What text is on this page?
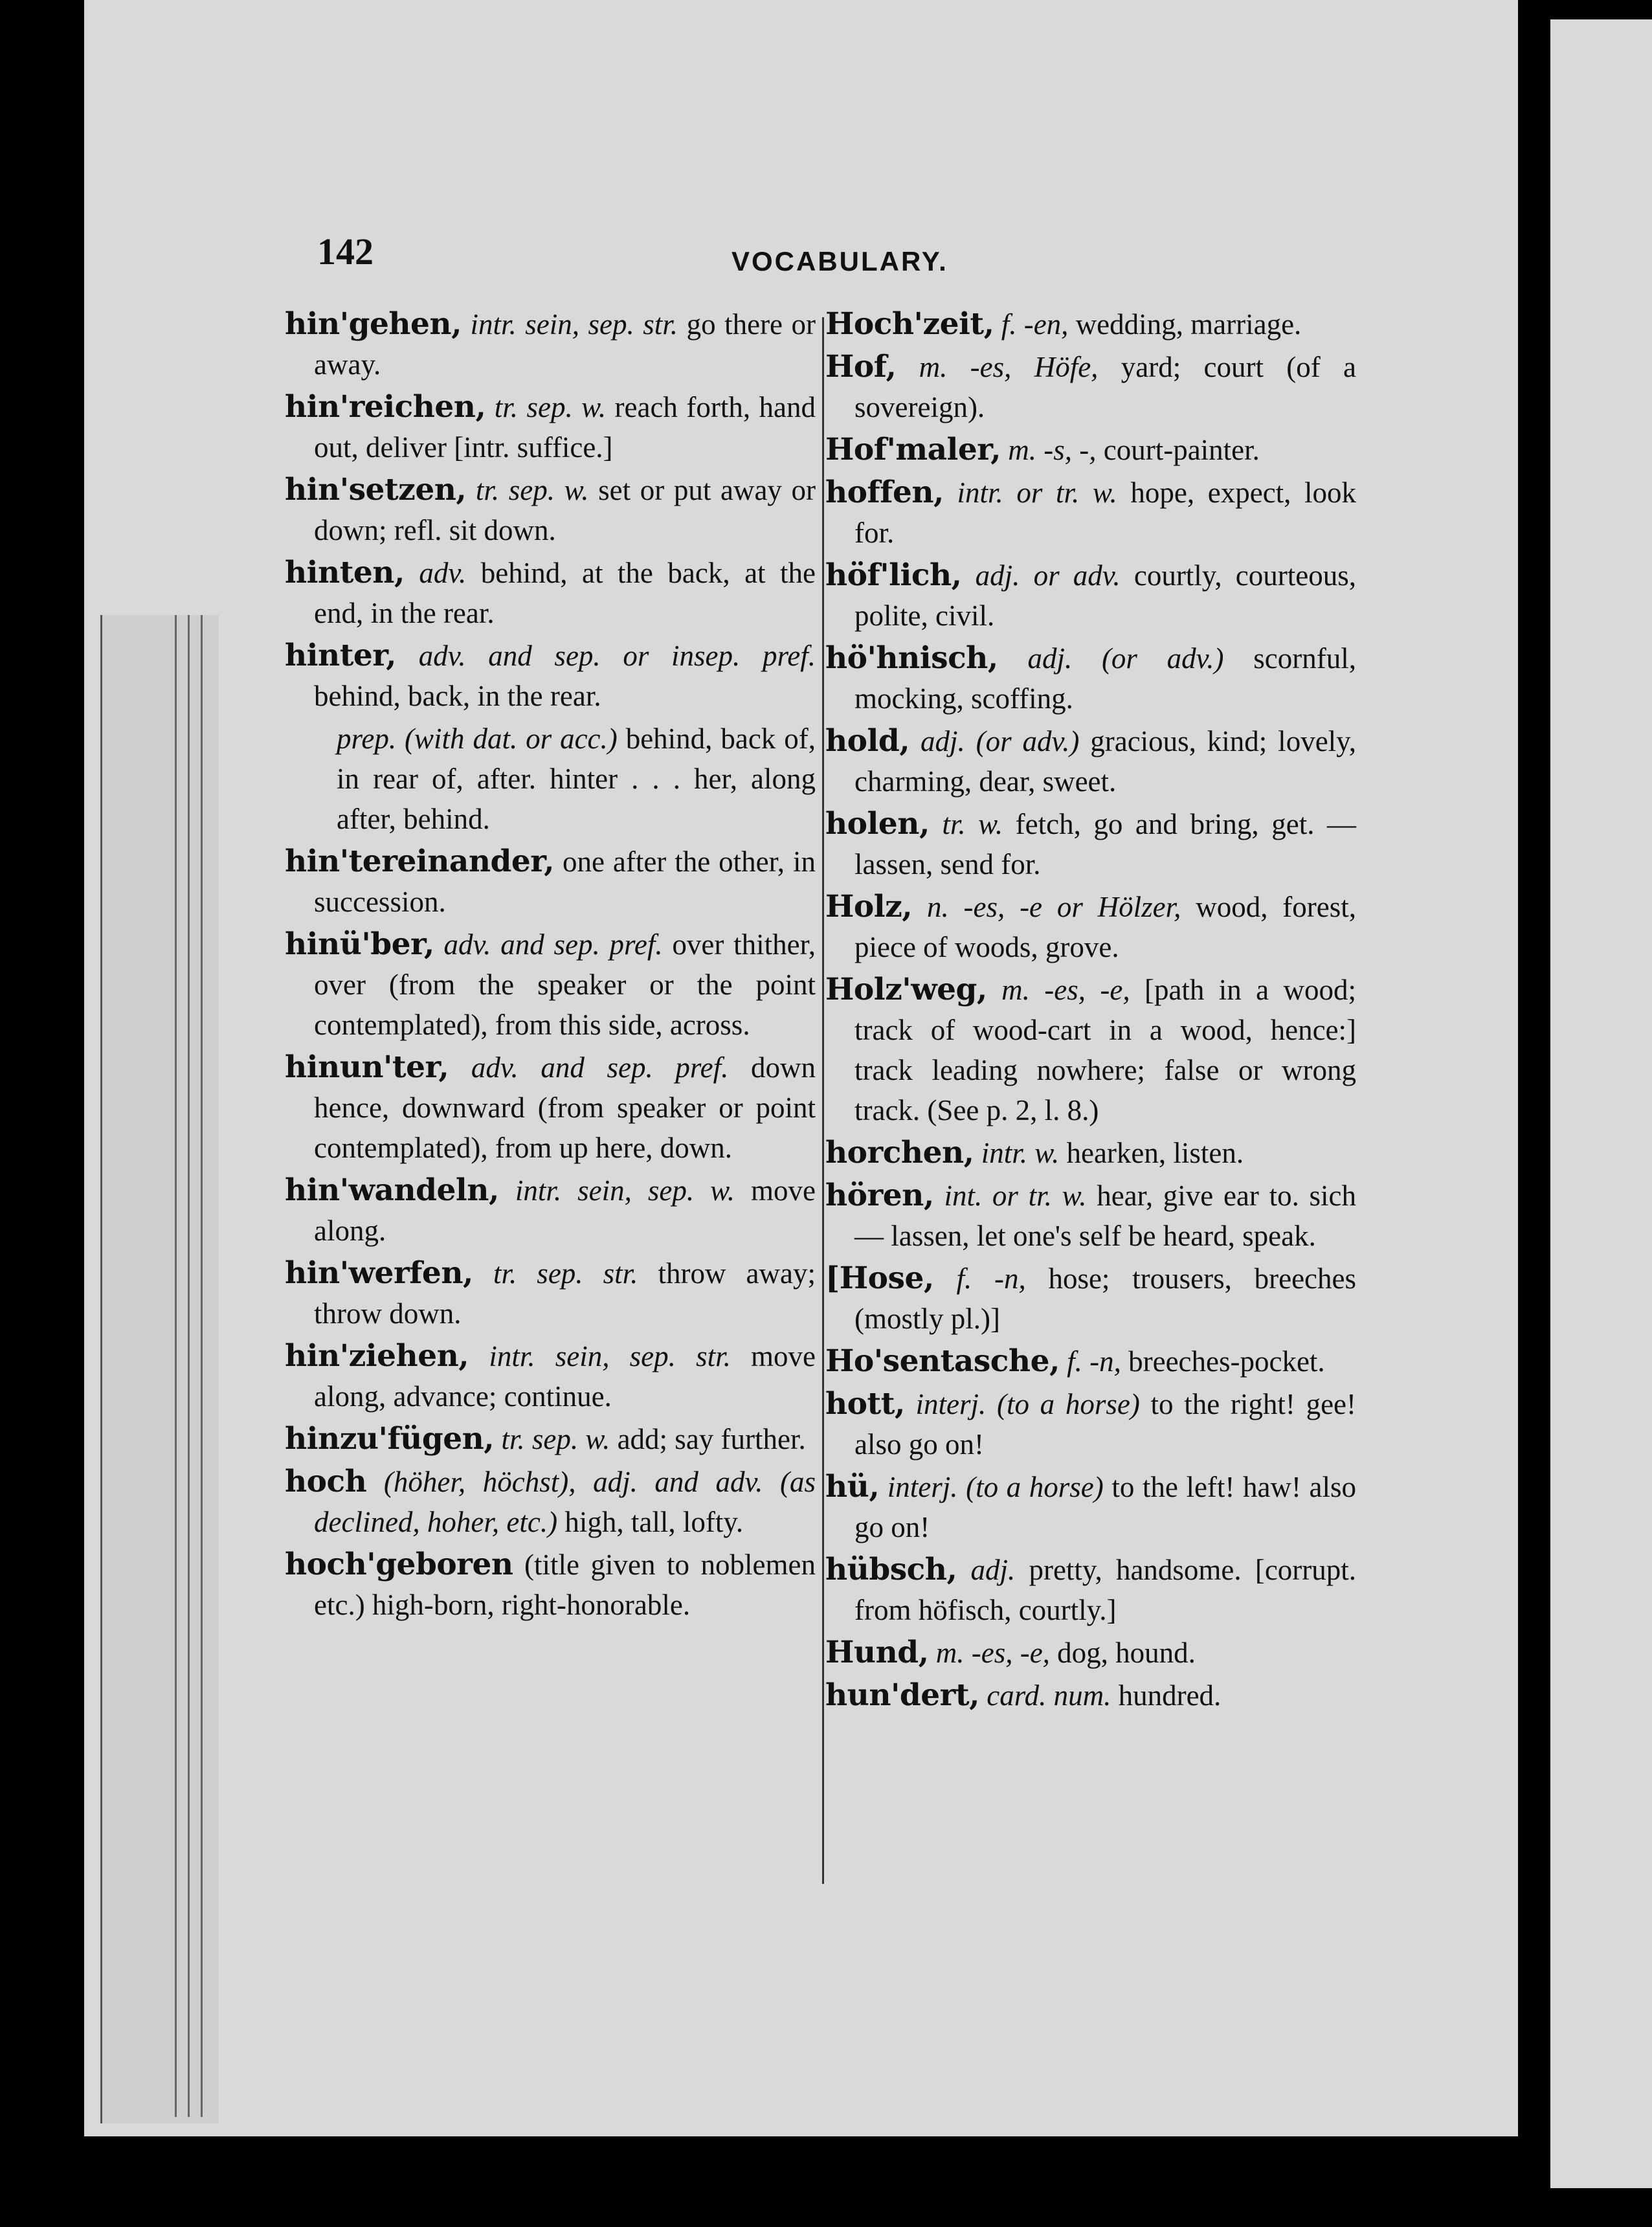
142	VOCABULARY.

hin'gehen, intr. sein, sep. str. go there or away.

hin'reichen, tr. sep. w. reach forth, hand out, deliver [intr. suffice.]

hin'setzen, tr. sep. w. set or put away or down; refl. sit down.

hinten, adv. behind, at the back, at the end, in the rear.

hinter, adv. and sep. or insep. pref. behind, back, in the rear.

prep. (with dat. or acc.) behind, back of, in rear of, after. hinter . . . her, along after, behind.

hin'tereinander, one after the other, in succession.

hinü'ber, adv. and sep. pref. over thither, over (from the speaker or the point contemplated), from this side, across.

hinun'ter, adv. and sep. pref. down hence, downward (from speaker or point contemplated), from up here, down.

hin'wandeln, intr. sein, sep. w. move along.

hin'werfen, tr. sep. str. throw away; throw down.

hin'ziehen, intr. sein, sep. str. move along, advance; continue.

hinzu'fügen, tr. sep. w. add; say further.

hoch (höher, höchst), adj. and adv. (as declined, hoher, etc.) high, tall, lofty.

hoch'geboren (title given to noblemen etc.) high-born, right-honorable.

Hoch'zeit, f. -en, wedding, marriage.

Hof, m. -es, Höfe, yard; court (of a sovereign).

Hof'maler, m. -s, -, court-painter.

hoffen, intr. or tr. w. hope, expect, look for.

höf'lich, adj. or adv. courtly, courteous, polite, civil.

hö'hnisch, adj. (or adv.) scornful, mocking, scoffing.

hold, adj. (or adv.) gracious, kind; lovely, charming, dear, sweet.

holen, tr. w. fetch, go and bring, get. — lassen, send for.

Holz, n. -es, -e or Hölzer, wood, forest, piece of woods, grove.

Holz'weg, m. -es, -e, [path in a wood; track of wood-cart in a wood, hence:] track leading nowhere; false or wrong track. (See p. 2, l. 8.)

horchen, intr. w. hearken, listen.

hören, int. or tr. w. hear, give ear to. sich — lassen, let one's self be heard, speak.

[Hose, f. -n, hose; trousers, breeches (mostly pl.)]

Ho'sentasche, f. -n, breeches-pocket.

hott, interj. (to a horse) to the right! gee! also go on!

hü, interj. (to a horse) to the left! haw! also go on!

hübsch, adj. pretty, handsome. [corrupt. from höfisch, courtly.]

Hund, m. -es, -e, dog, hound.

hun'dert, card. num. hundred.
